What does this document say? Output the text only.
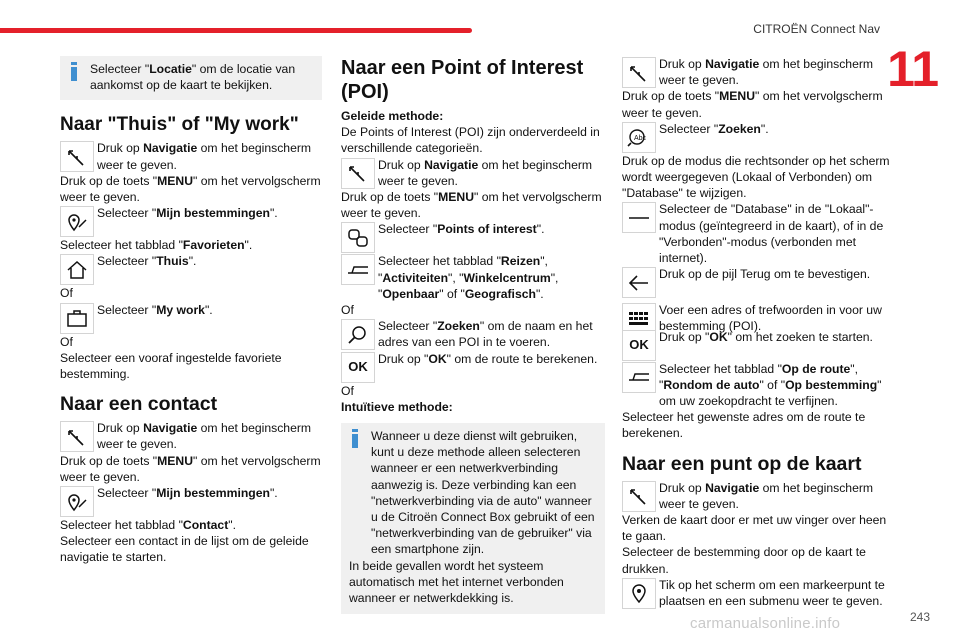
CITROËN Connect Nav
11
243
carmanualsonline.info
Selecteer "Locatie" om de locatie van aankomst op de kaart te bekijken.
Naar "Thuis" of "My work"
Druk op Navigatie om het beginscherm weer te geven.

Druk op de toets "MENU" om het vervolgscherm weer te geven.

Selecteer "Mijn bestemmingen".

Selecteer het tabblad "Favorieten".

Selecteer "Thuis".

Of

Selecteer "My work".

Of

Selecteer een vooraf ingestelde favoriete bestemming.

Naar een contact
Druk op Navigatie om het beginscherm weer te geven.

Druk op de toets "MENU" om het vervolgscherm weer te geven.

Selecteer "Mijn bestemmingen".

Selecteer het tabblad "Contact".

Selecteer een contact in de lijst om de geleide navigatie te starten.

Naar een Point of Interest (POI)

Geleide methode:

De Points of Interest (POI) zijn onderverdeeld in verschillende categorieën.

Druk op Navigatie om het beginscherm weer te geven.

Druk op de toets "MENU" om het vervolgscherm weer te geven.

Selecteer "Points of interest".
Selecteer het tabblad "Reizen", "Activiteiten", "Winkelcentrum", "Openbaar" of "Geografisch".

Of

Selecteer "Zoeken" om de naam en het adres van een POI in te voeren.
OK
Druk op "OK" om de route te berekenen.

Of

Intuïtieve methode:

Wanneer u deze dienst wilt gebruiken, kunt u deze methode alleen selecteren wanneer er een netwerkverbinding aanwezig is. Deze verbinding kan een "netwerkverbinding via de auto" wanneer u de Citroën Connect Box gebruikt of een "netwerkverbinding van de gebruiker" via een smartphone zijn.

In beide gevallen wordt het systeem automatisch met het internet verbonden wanneer er netwerkdekking is.

Druk op Navigatie om het beginscherm weer te geven.

Druk op de toets "MENU" om het vervolgscherm weer te geven.

Abc
Selecteer "Zoeken".

Druk op de modus die rechtsonder op het scherm wordt weergegeven (Lokaal of Verbonden) om "Database" te wijzigen.

Selecteer de "Database" in de "Lokaal"-modus (geïntegreerd in de kaart), of in de "Verbonden"-modus (verbonden met internet).
Druk op de pijl Terug om te bevestigen.
Voer een adres of trefwoorden in voor uw bestemming (POI).
OK
Druk op "OK" om het zoeken te starten.
Selecteer het tabblad "Op de route", "Rondom de auto" of "Op bestemming" om uw zoekopdracht te verfijnen.

Selecteer het gewenste adres om de route te berekenen.

Naar een punt op de kaart
Druk op Navigatie om het beginscherm weer te geven.

Verken de kaart door er met uw vinger over heen te gaan.

Selecteer de bestemming door op de kaart te drukken.

Tik op het scherm om een markeerpunt te plaatsen en een submenu weer te geven.
